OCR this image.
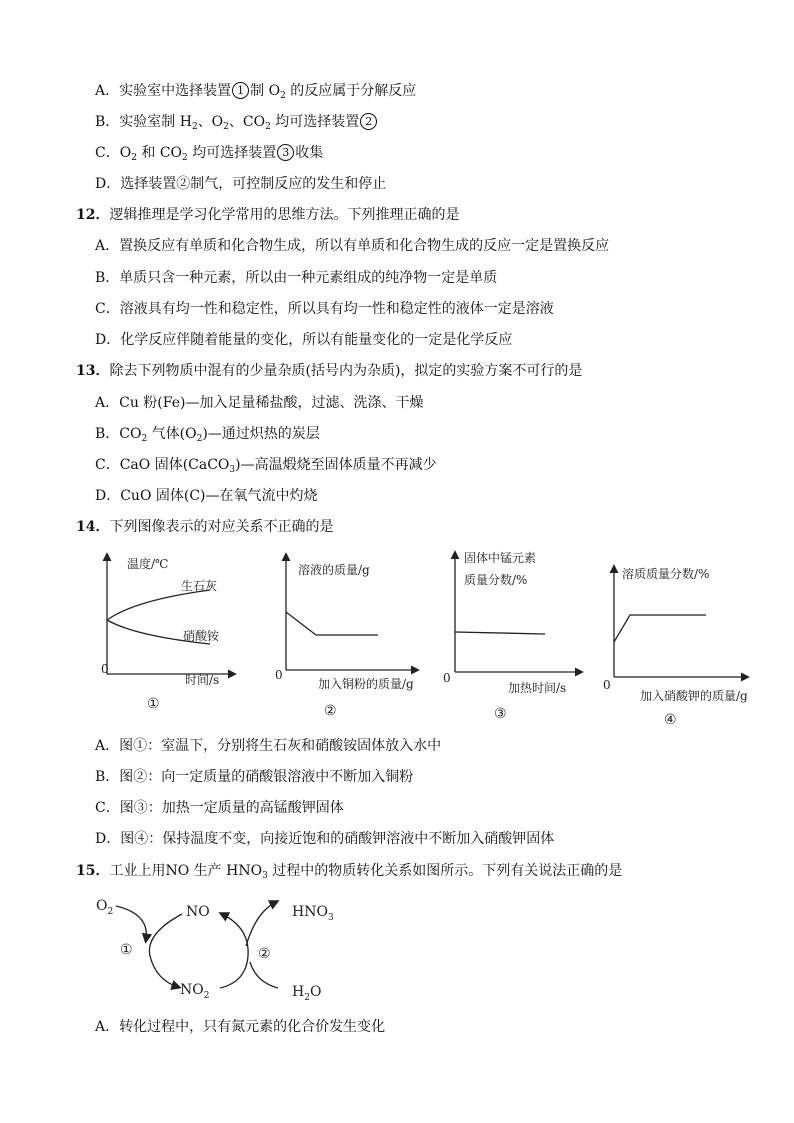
A．实验室中选择装置 1 制 $O_2$ 的反应属于分解反应
B．实验室制 $H_2$、$O_2$、$CO_2$ 均可选择装置 2
C．$O_2$ 和 $CO_2$ 均可选择装置 3 收集
D．选择装置②制气，可控制反应的发生和停止
12．逻辑推理是学习化学常用的思维方法。下列推理正确的是
A．置换反应有单质和化合物生成，所以有单质和化合物生成的反应一定是置换反应
B．单质只含一种元素，所以由一种元素组成的纯净物一定是单质
C．溶液具有均一性和稳定性，所以具有均一性和稳定性的液体一定是溶液
D．化学反应伴随着能量的变化，所以有能量变化的一定是化学反应
13．除去下列物质中混有的少量杂质(括号内为杂质)，拟定的实验方案不可行的是
A．Cu 粉(Fe)—加入足量稀盐酸，过滤、洗涤、干燥
B．$CO_2$ 气体$(O_2)—$通过炽热的炭层
C．CaO 固体(CaCO$_3$)—高温煅烧至固体质量不再减少
D．CuO 固体(C)—在氧气流中灼烧
14．下列图像表示的对应关系不正确的是
温度/℃
生石灰
硝酸铵
0
时间/s
①
溶液的质量/g
0
加入铜粉的质量/g
②
固体中锰元素
质量分数/%
0
加热时间/s
③
溶质质量分数/%
0
加入硝酸钾的质量/g
④
A．图①：室温下，分别将生石灰和硝酸铵固体放入水中
B．图②：向一定质量的硝酸银溶液中不断加入铜粉
C．图③：加热一定质量的高锰酸钾固体
D．图④：保持温度不变，向接近饱和的硝酸钾溶液中不断加入硝酸钾固体
15．工业上用NO 生产 $HNO_3$ 过程中的物质转化关系如图所示。下列有关说法正确的是
$O_2$	NO	$HNO_3$
$NO_2$	$H_2O$
①	②
A．转化过程中，只有氮元素的化合价发生变化
